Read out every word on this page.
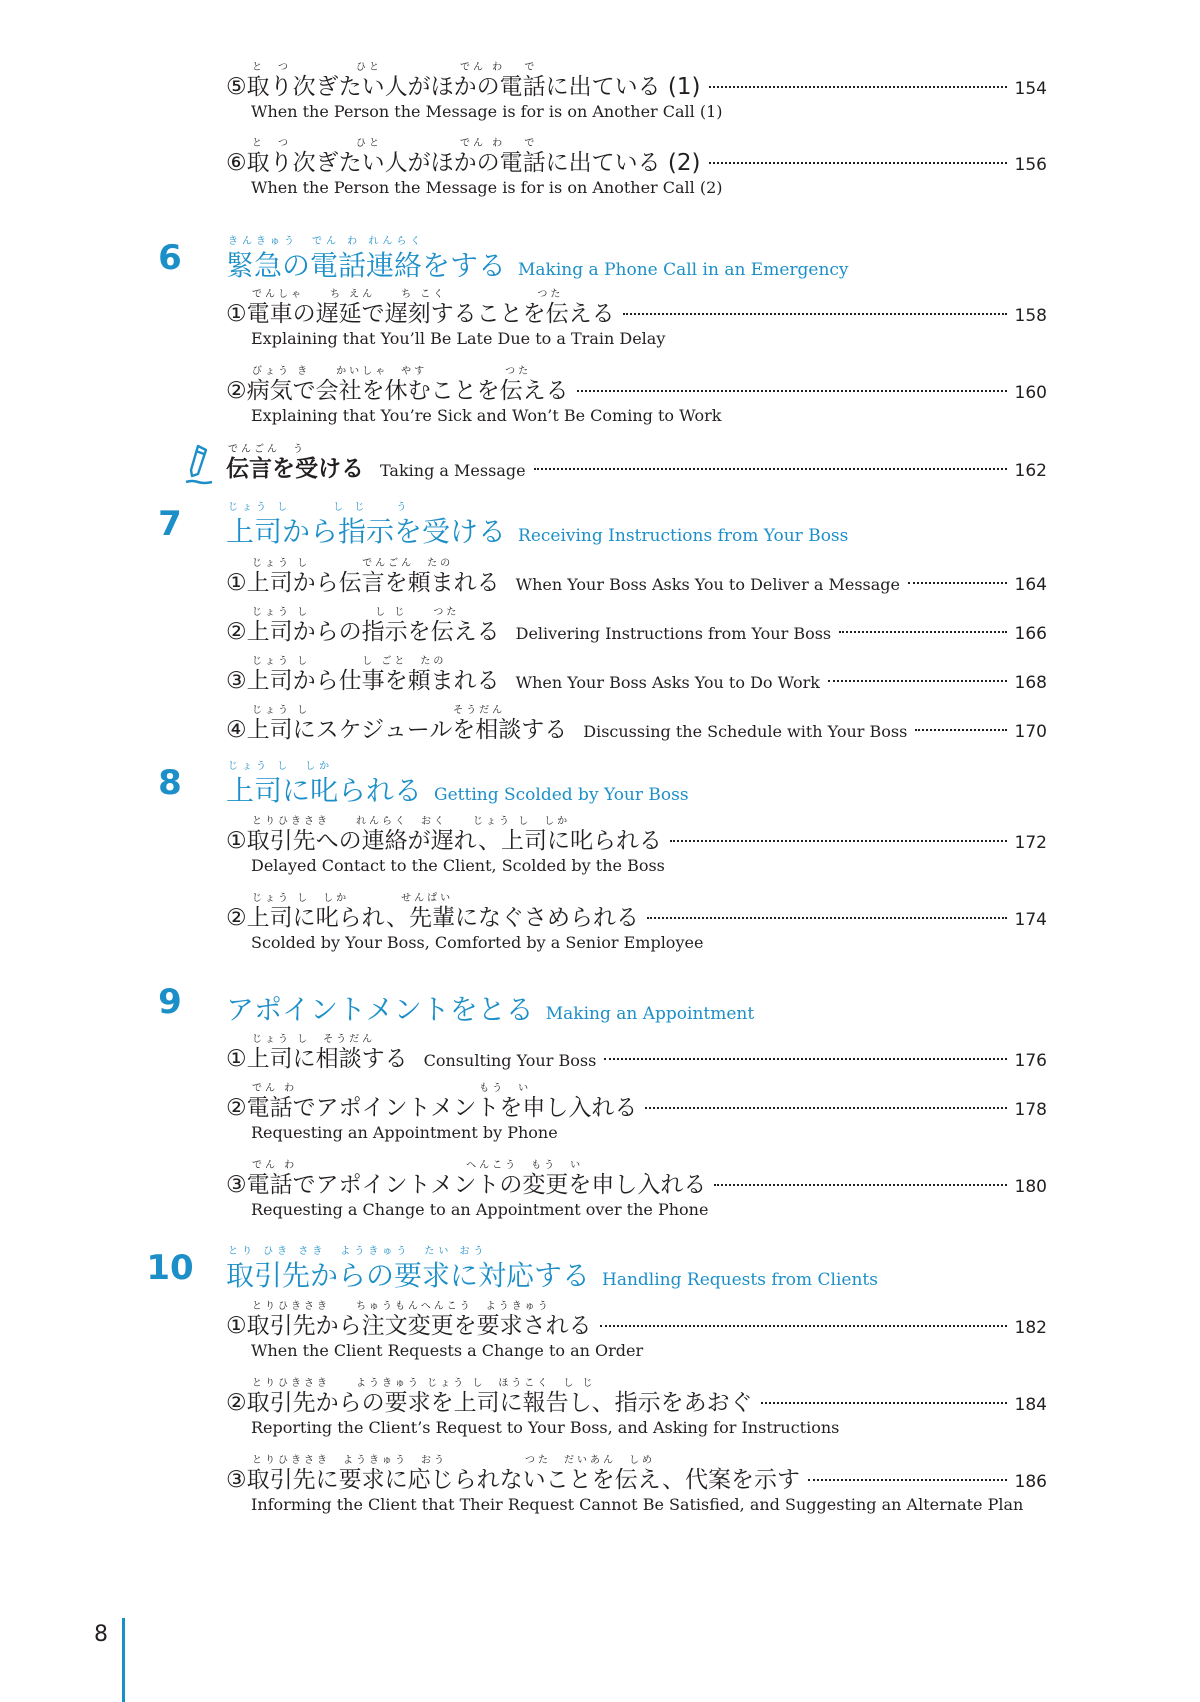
と　つ　　　　　ひと　　　　　　でん わ　 で
⑤取り次ぎたい人がほかの電話に出ている (1)	154
When the Person the Message is for is on Another Call (1)
と　つ　　　　　ひと　　　　　　でん わ　 で
⑥取り次ぎたい人がほかの電話に出ている (2)	156
When the Person the Message is for is on Another Call (2)
6	きんきゅう　でん わ れんらく
緊急の電話連絡をする Making a Phone Call in an Emergency
でんしゃ　　ち えん　　ち こく　　　　　　　つた
①電車の遅延で遅刻することを伝える	158
Explaining that You’ll Be Late Due to a Train Delay
びょう き　　かいしゃ　やす　　　　　　つた
②病気で会社を休むことを伝える	160
Explaining that You’re Sick and Won’t Be Coming to Work
でんごん　う
伝言を受ける Taking a Message	162
7	じょう し　　　し じ　　う
上司から指示を受ける Receiving Instructions from Your Boss
じょう し　　　　でんごん　たの
①上司から伝言を頼まれる When Your Boss Asks You to Deliver a Message	164
じょう し　　　　　し じ　　つた
②上司からの指示を伝える Delivering Instructions from Your Boss	166
じょう し　　　　し ごと　たの
③上司から仕事を頼まれる When Your Boss Asks You to Do Work	168
じょう し　　　　　　　　　　　そうだん
④上司にスケジュールを相談する Discussing the Schedule with Your Boss	170
8	じょう し　しか
上司に叱られる Getting Scolded by Your Boss
とりひきさき　　れんらく　おく　　じょう し　しか
①取引先への連絡が遅れ、上司に叱られる	172
Delayed Contact to the Client, Scolded by the Boss
じょう し　しか　　　　せんぱい
②上司に叱られ、先輩になぐさめられる	174
Scolded by Your Boss, Comforted by a Senior Employee
9	アポイントメントをとる Making an Appointment
じょう し　そうだん
①上司に相談する Consulting Your Boss	176
でん わ　　　　　　　　　　　　　　もう　い
②電話でアポイントメントを申し入れる	178
Requesting an Appointment by Phone
でん わ　　　　　　　　　　　　　へんこう　もう　い
③電話でアポイントメントの変更を申し入れる	180
Requesting a Change to an Appointment over the Phone
10	とり ひき さき　ようきゅう　たい おう
取引先からの要求に対応する Handling Requests from Clients
とりひきさき　　ちゅうもんへんこう　ようきゅう
①取引先から注文変更を要求される	182
When the Client Requests a Change to an Order
とりひきさき　　ようきゅう じょう し　ほうこく　し じ
②取引先からの要求を上司に報告し、指示をあおぐ	184
Reporting the Client’s Request to Your Boss, and Asking for Instructions
とりひきさき　ようきゅう　おう　　　　　　つた　だいあん　しめ
③取引先に要求に応じられないことを伝え、代案を示す	186
Informing the Client that Their Request Cannot Be Satisfied, and Suggesting an Alternate Plan
8
